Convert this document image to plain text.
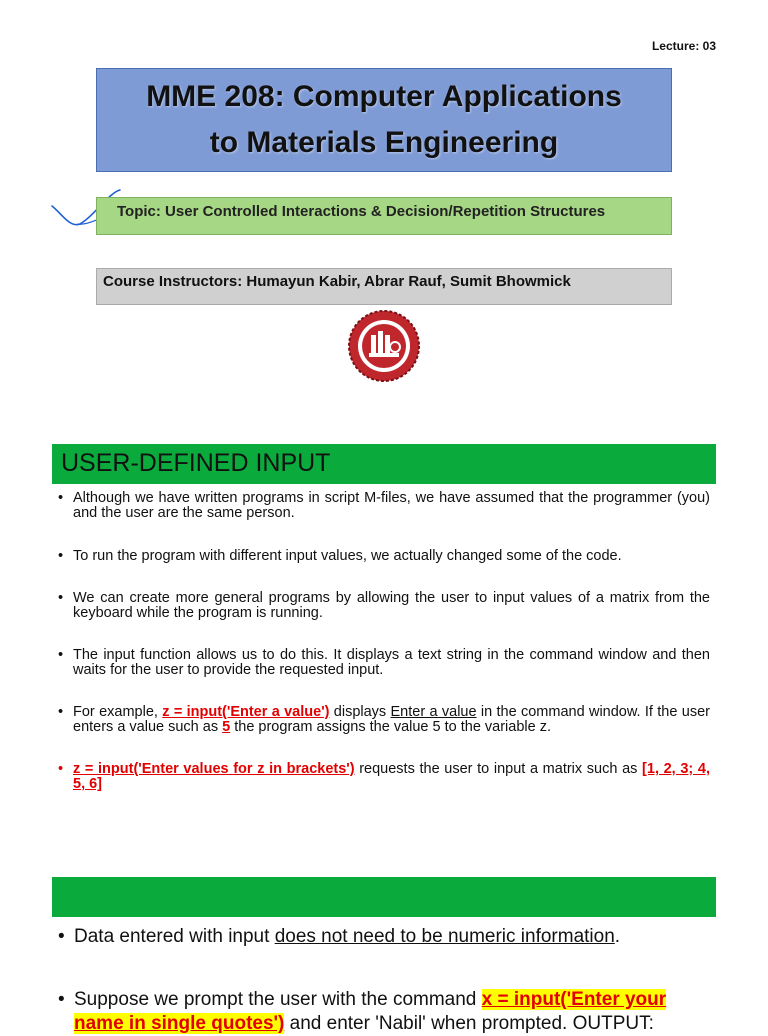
Lecture: 03
MME 208: Computer Applications
to Materials Engineering
Topic: User Controlled Interactions & Decision/Repetition Structures
Course Instructors: Humayun Kabir, Abrar Rauf, Sumit Bhowmick
USER-DEFINED INPUT
• Although we have written programs in script M-files, we have assumed that the programmer (you) and the user are the same person.
• To run the program with different input values, we actually changed some of the code.
• We can create more general programs by allowing the user to input values of a matrix from the keyboard while the program is running.
• The input function allows us to do this. It displays a text string in the command window and then waits for the user to provide the requested input.
• For example, z = input('Enter a value') displays Enter a value in the command window. If the user enters a value such as 5 the program assigns the value 5 to the variable z.
• z = input('Enter values for z in brackets') requests the user to input a matrix such as [1, 2, 3; 4, 5, 6]
• Data entered with input does not need to be numeric information.
• Suppose we prompt the user with the command x = input('Enter your name in single quotes') and enter 'Nabil' when prompted. OUTPUT:
